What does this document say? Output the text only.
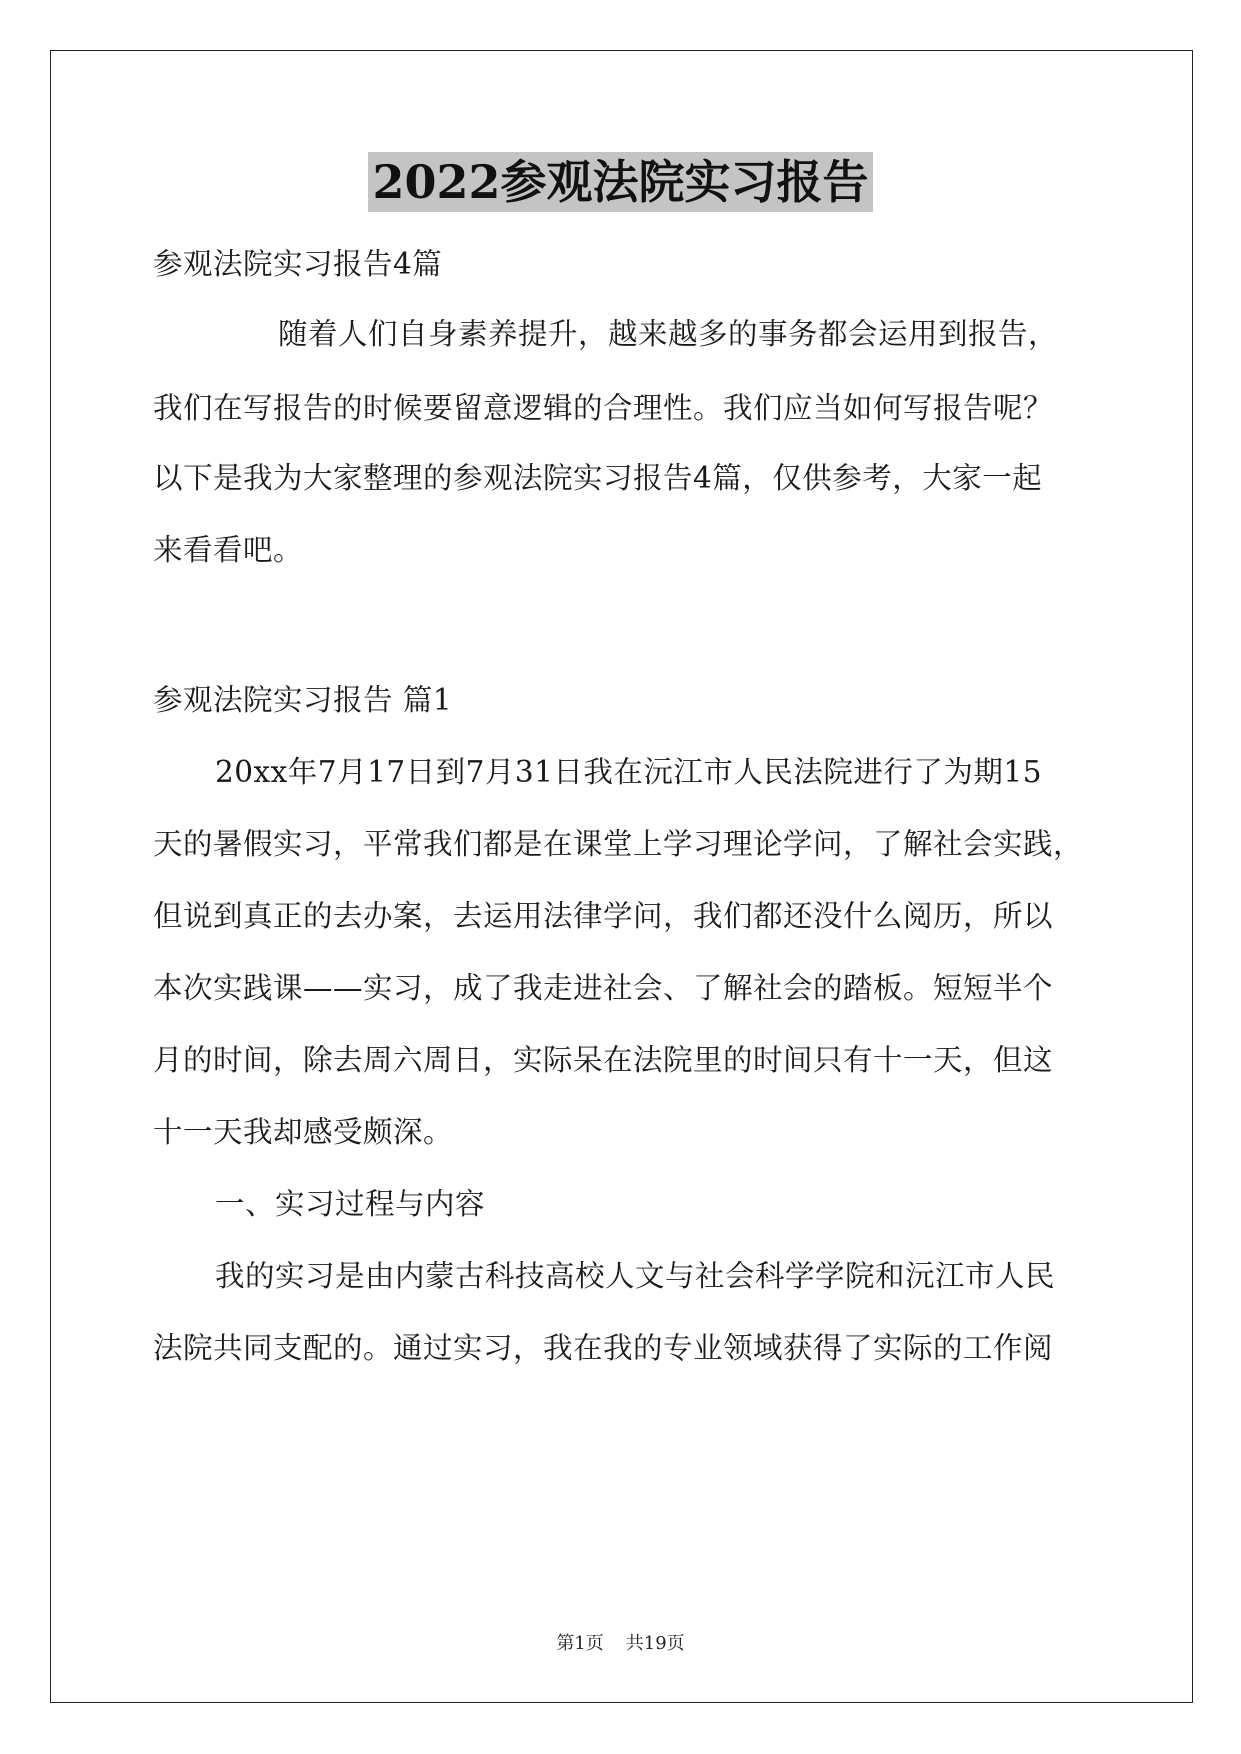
2022参观法院实习报告
参观法院实习报告4篇
随着人们自身素养提升，越来越多的事务都会运用到报告，
我们在写报告的时候要留意逻辑的合理性。我们应当如何写报告呢？
以下是我为大家整理的参观法院实习报告4篇，仅供参考，大家一起
来看看吧。
参观法院实习报告 篇1
20xx年7月17日到7月31日我在沅江市人民法院进行了为期15
天的暑假实习，平常我们都是在课堂上学习理论学问，了解社会实践，
但说到真正的去办案，去运用法律学问，我们都还没什么阅历，所以
本次实践课——实习，成了我走进社会、了解社会的踏板。短短半个
月的时间，除去周六周日，实际呆在法院里的时间只有十一天，但这
十一天我却感受颇深。
一、实习过程与内容
我的实习是由内蒙古科技高校人文与社会科学学院和沅江市人民
法院共同支配的。通过实习，我在我的专业领域获得了实际的工作阅
第1页 共19页
